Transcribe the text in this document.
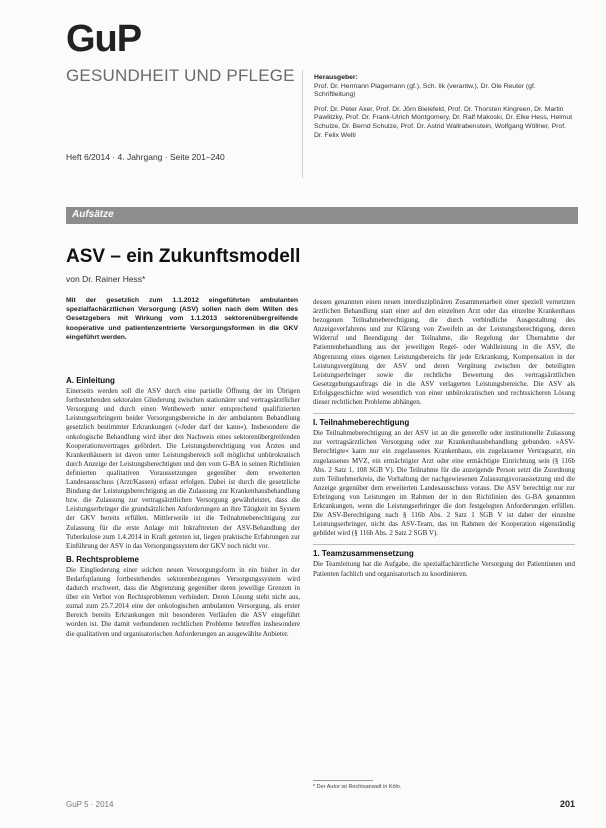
GuP
GESUNDHEIT UND PFLEGE
Heft 6/2014 · 4. Jahrgang · Seite 201–240
Herausgeber:

Prof. Dr. Hermann Plagemann (gf.), Sch. Ilk (verantw.), Dr. Ole Reuter (gf. Schriftleitung)

Prof. Dr. Peter Axer, Prof. Dr. Jörn Bielefeld, Prof. Dr. Thorsten Kingreen, Dr. Martin Pawlitzky, Prof. Dr. Frank-Ulrich Montgomery, Dr. Ralf Makoski, Dr. Elke Hess, Helmut Schulze, Dr. Bernd Schulze, Prof. Dr. Astrid Wallrabenstein, Wolfgang Wöllner, Prof. Dr. Felix Welti

Aufsätze
ASV – ein Zukunftsmodell
von Dr. Rainer Hess*
Mit der gesetzlich zum 1.1.2012 eingeführten ambulanten spezialfachärztlichen Versorgung (ASV) sollen nach dem Willen des Gesetzgebers mit Wirkung vom 1.1.2013 sektorenübergreifende kooperative und patientenzentrierte Versorgungsformen in die GKV eingeführt werden.
A. Einleitung

Einerseits werden soll die ASV durch eine partielle Öffnung der im Übrigen fortbestehenden sektoralen Gliederung zwischen stationärer und vertragsärztlicher Versorgung und durch einen Wettbewerb unter entsprechend qualifizierten Leistungserbringern beider Versorgungsbereiche in der ambulanten Behandlung gesetzlich bestimmter Erkrankungen (»Jeder darf der kann«). Insbesondere die onkologische Behandlung wird über den Nachweis eines sektorenübergreifenden Kooperationsvertrages gefördert. Die Leistungsberechtigung von Ärzten und Krankenhäusern ist davon unter Leistungsbereich soll möglichst unbürokratisch durch Anzeige der Leistungsberechtigten und den vom G-BA in seinen Richtlinien definierten qualitativen Voraussetzungen gegenüber dem erweiterten Landesausschuss (Arzt/Kassen) erfasst erfolgen. Dabei ist durch die gesetzliche Bindung der Leistungsberechtigung an die Zulassung zur Krankenhausbehandlung bzw. die Zulassung zur vertragsärztlichen Versorgung gewährleistet, dass die Leistungserbringer die grundsätzlichen Anforderungen an ihre Tätigkeit im System der GKV bereits erfüllen. Mittlerweile ist die Teilnahmeberechtigung zur Zulassung für die erste Anlage mit Inkrafttreten der ASV-Behandlung der Tuberkulose zum 1.4.2014 in Kraft getreten ist, liegen praktische Erfahrungen zur Einführung der ASV in das Versorgungssystem der GKV noch nicht vor.

B. Rechtsprobleme

Die Eingliederung einer solchen neuen Versorgungsform in ein bisher in der Bedarfsplanung fortbestehendes sektorenbezogenes Versorgungssystem wird dadurch erschwert, dass die Abgrenzung gegenüber deren jeweilige Grenzen in über ein Verbot von Rechtsproblemen verhindert. Deren Lösung steht nicht aus, zumal zum 25.7.2014 eine der onkologischen ambulanten Versorgung, als erster Bereich bereits Erkrankungen mit besonderen Verläufen die ASV eingeführt worden ist. Die damit verbundenen rechtlichen Probleme betreffen insbesondere die qualitativen und organisatorischen Anforderungen an ausgewählte Anbieter.

dessen genannten einen neuen interdisziplinären Zusammenarbeit einer speziell vernetzten ärztlichen Behandlung statt einer auf den einzelnen Arzt oder das einzelne Krankenhaus bezogenen Teilnahmeberechtigung, die durch verbindliche Ausgestaltung des Anzeigeverfahrens und zur Klärung von Zweifeln an der Leistungsberechtigung, deren Widerruf und Beendigung der Teilnahme, die Regelung der Übernahme der Patientenbehandlung aus der jeweiligen Regel- oder Wahlleistung in die ASV, die Abgrenzung eines eigenen Leistungsbereichs für jede Erkrankung, Kompensation in der Leistungsvergütung der ASV und deren Vergütung zwischen der beteiligten Leistungserbringer sowie die rechtliche Bewertung des vertragsärztlichen Gesetzgebungsauftrags die in die ASV verlagerten Leistungsbereiche. Die ASV als Erfolgsgeschichte wird wesentlich von einer unbürokratischen und rechtssicheren Lösung dieser rechtlichen Probleme abhängen.

I. Teilnahmeberechtigung

Die Teilnahmeberechtigung an der ASV ist an die generelle oder institutionelle Zulassung zur vertragsärztlichen Versorgung oder zur Krankenhausbehandlung gebunden. »ASV-Berechtigte« kann nur ein zugelassenes Krankenhaus, ein zugelassener Vertragsarzt, ein zugelassenes MVZ, ein ermächtigter Arzt oder eine ermächtigte Einrichtung sein (§ 116b Abs. 2 Satz 1, 108 SGB V). Die Teilnahme für die anzeigende Person setzt die Zuordnung zum Teilnehmerkreis, die Vorhaltung der nachgewiesenen Zulassungsvoraussetzung und die Anzeige gegenüber dem erweiterten Landesausschuss voraus. Die ASV berechtigt nur zur Erbringung von Leistungen im Rahmen der in den Richtlinien des G-BA genannten Erkrankungen, wenn die Leistungserbringer die dort festgelegten Anforderungen erfüllen. Die ASV-Berechtigung nach § 116b Abs. 2 Satz 1 SGB V ist daher der einzelne Leistungserbringer, nicht das ASV-Team, das im Rahmen der Kooperation eigenständig gebildet wird (§ 116b Abs. 2 Satz 2 SGB V).

1. Teamzusammensetzung

Die Teamleitung hat die Aufgabe, die spezialfachärztliche Versorgung der Patientinnen und Patienten fachlich und organisatorisch zu koordinieren.

* Der Autor ist Rechtsanwalt in Köln.
GuP 5 · 2014	201
